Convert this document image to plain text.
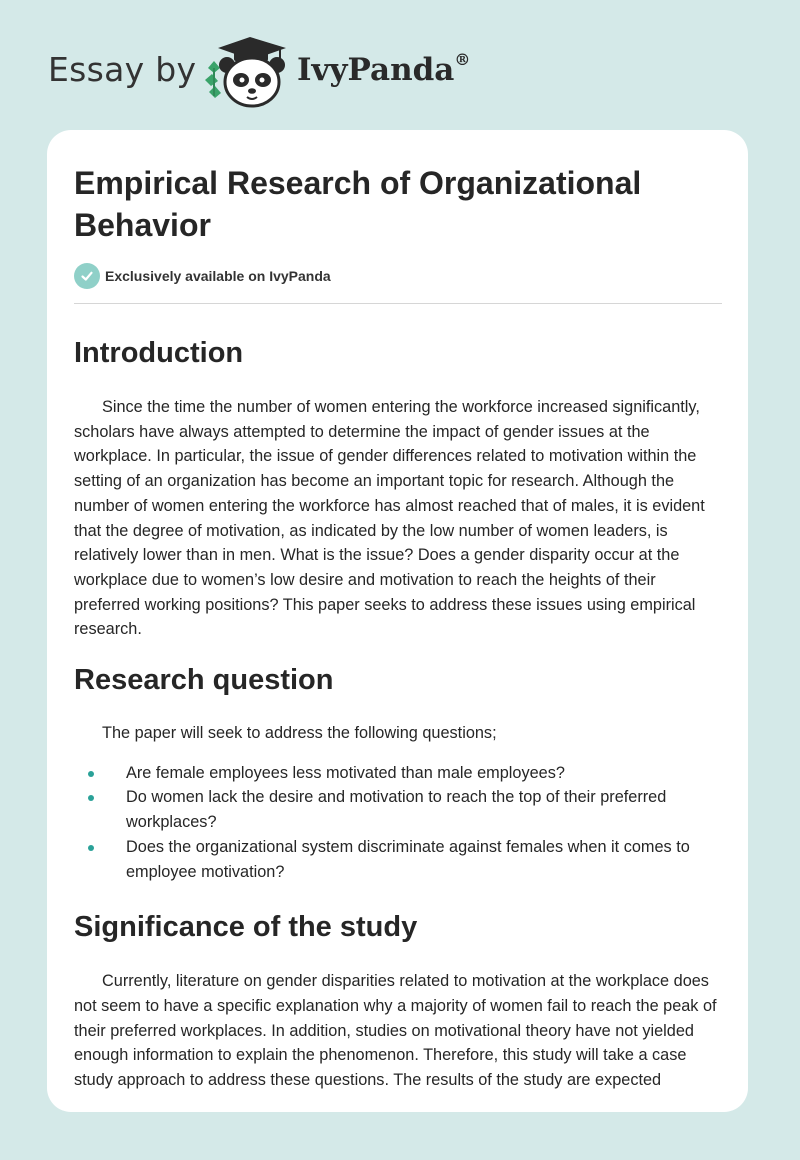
Essay by	IvyPanda®
Empirical Research of Organizational Behavior
Exclusively available on IvyPanda
Introduction

Since the time the number of women entering the workforce increased significantly, scholars have always attempted to determine the impact of gender issues at the workplace. In particular, the issue of gender differences related to motivation within the setting of an organization has become an important topic for research. Although the number of women entering the workforce has almost reached that of males, it is evident that the degree of motivation, as indicated by the low number of women leaders, is relatively lower than in men. What is the issue? Does a gender disparity occur at the workplace due to women’s low desire and motivation to reach the heights of their preferred working positions? This paper seeks to address these issues using empirical research.

Research question

The paper will seek to address the following questions;

Are female employees less motivated than male employees?
Do women lack the desire and motivation to reach the top of their preferred workplaces?
Does the organizational system discriminate against females when it comes to employee motivation?
Significance of the study

Currently, literature on gender disparities related to motivation at the workplace does not seem to have a specific explanation why a majority of women fail to reach the peak of their preferred workplaces. In addition, studies on motivational theory have not yielded enough information to explain the phenomenon. Therefore, this study will take a case study approach to address these questions. The results of the study are expected
